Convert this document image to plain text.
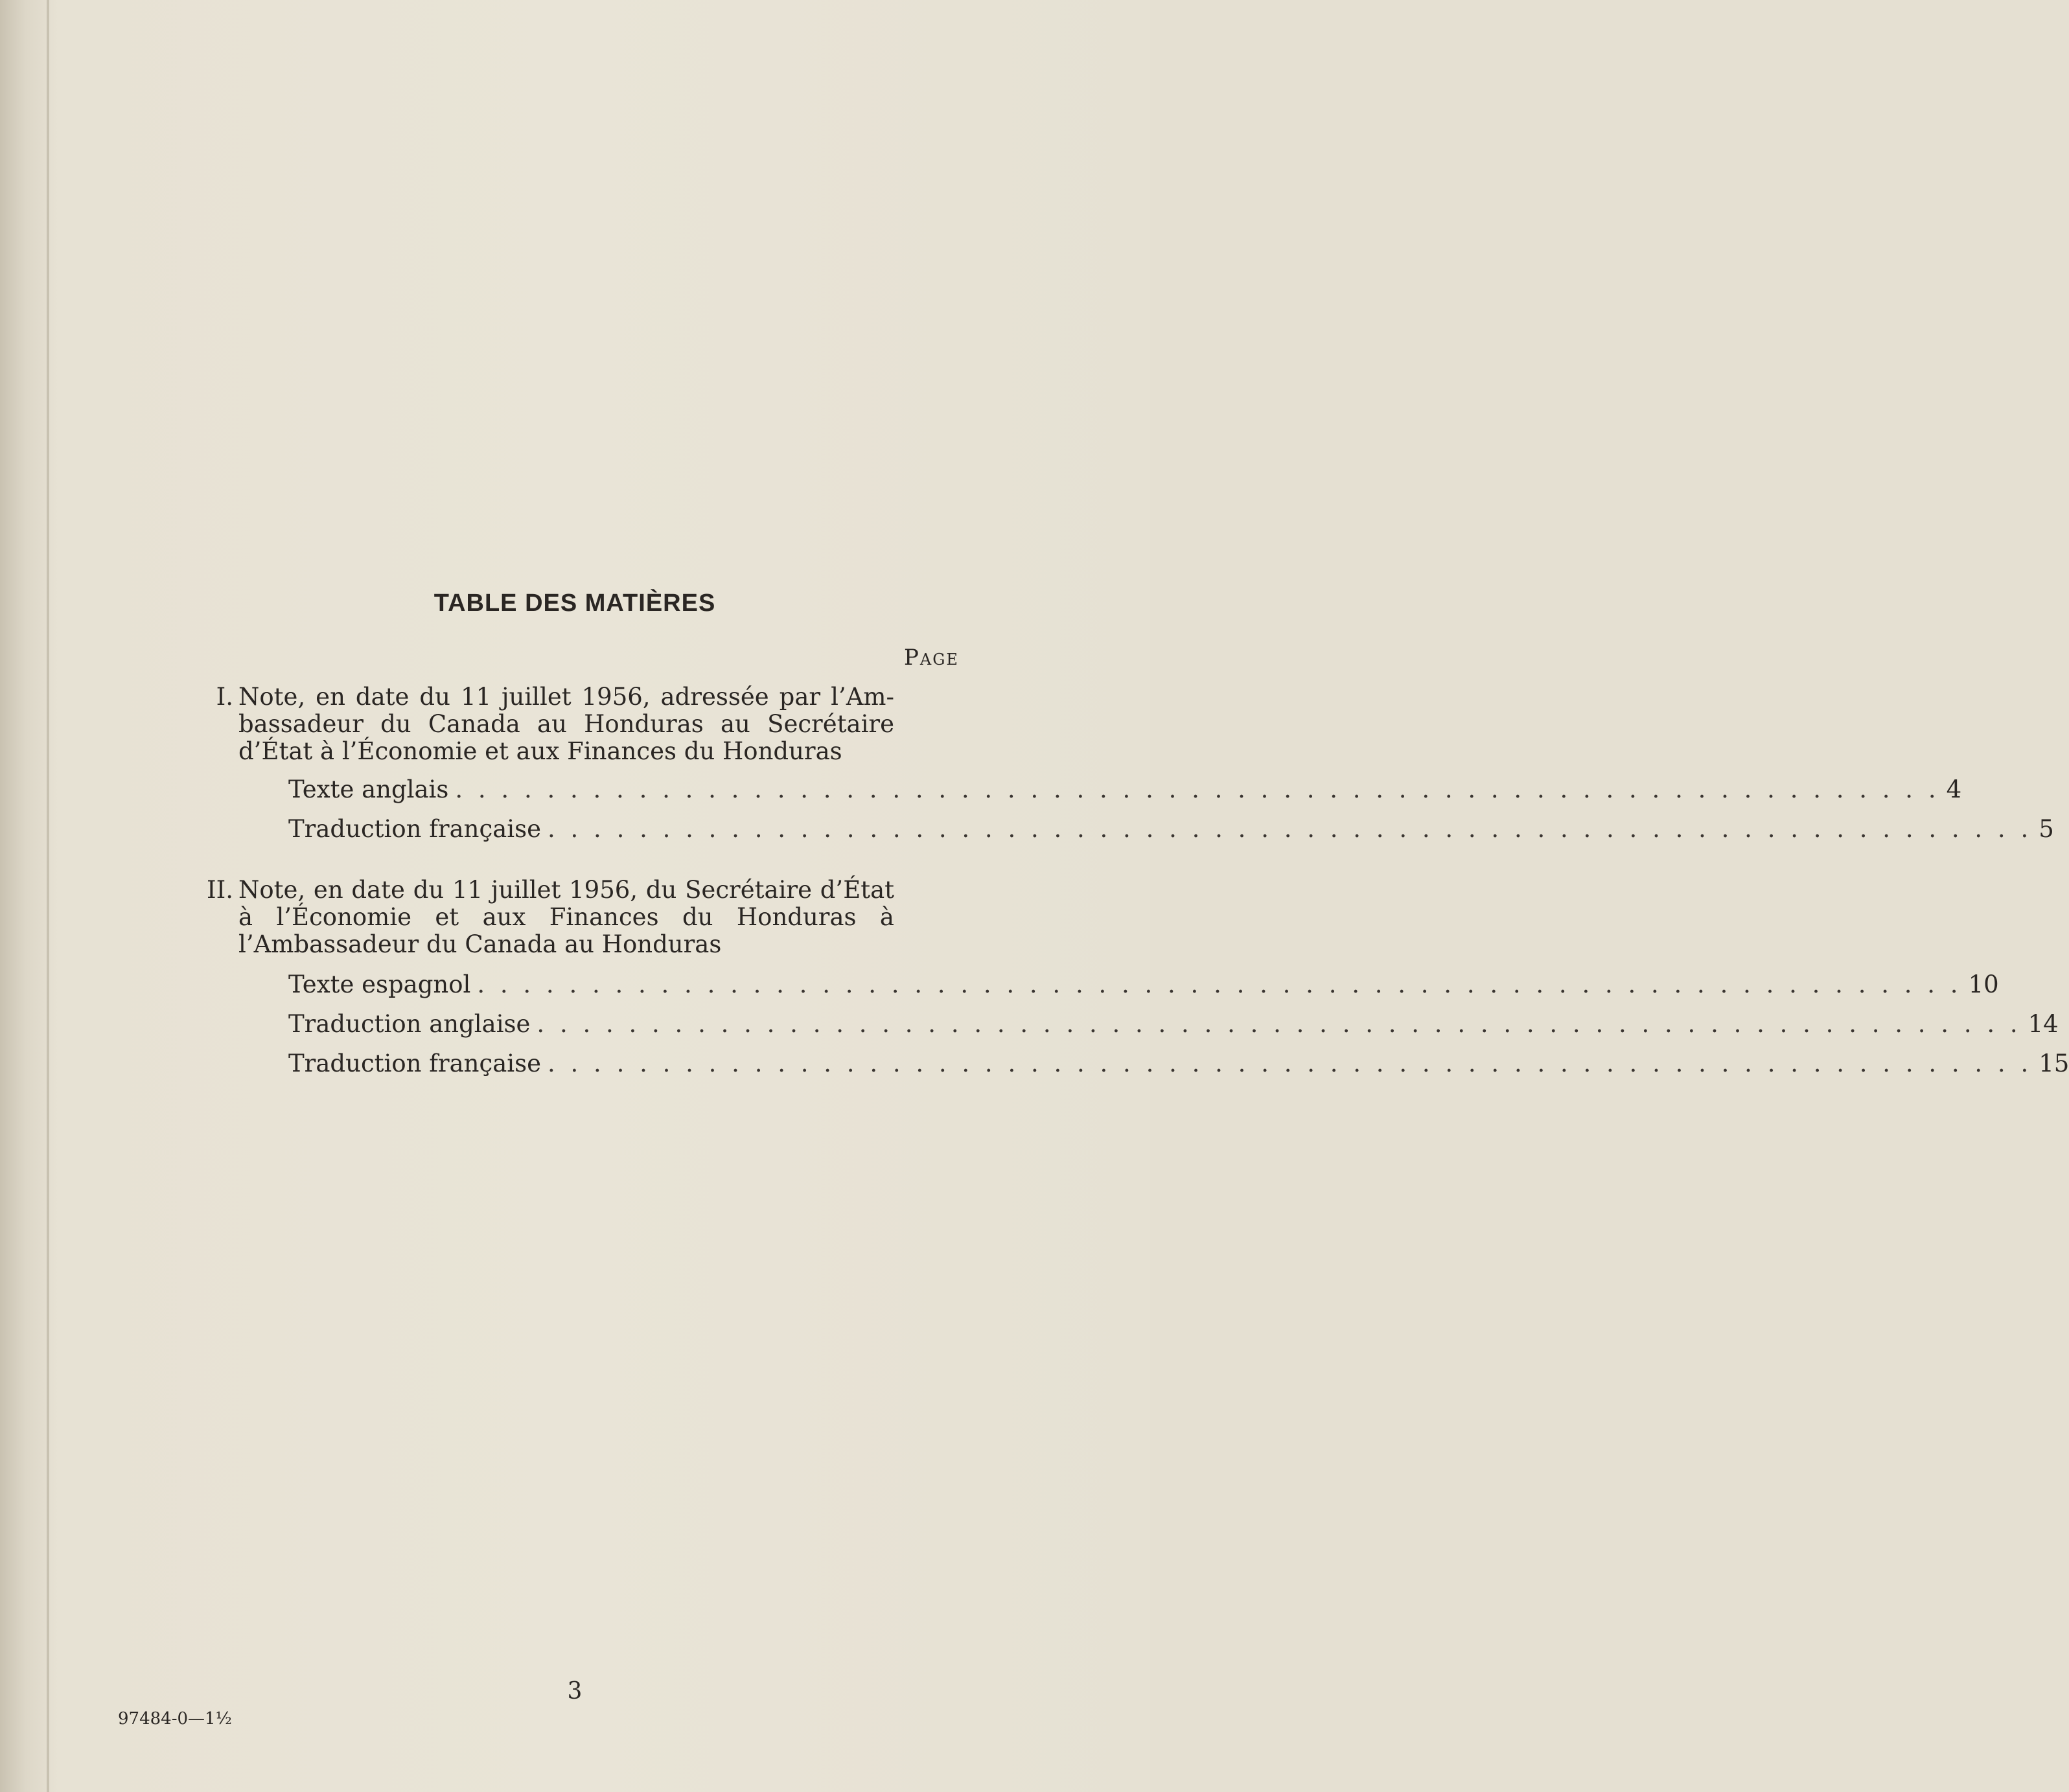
TABLE DES MATIÈRES
Page
I. Note, en date du 11 juillet 1956, adressée par l’Am-
bassadeur du Canada au Honduras au Secrétaire
d’État à l’Économie et aux Finances du Honduras
Texte anglais . . . . . . . . . . . . . . . . . . . . . . . . . . . . . . . . . . . . . . . . . . . . . . . . . . . . . . . . . . . . . . . . . 4
Traduction française . . . . . . . . . . . . . . . . . . . . . . . . . . . . . . . . . . . . . . . . . . . . . . . . . . . . . . . . . . . . . . . . . 5
II. Note, en date du 11 juillet 1956, du Secrétaire d’État
à l’Économie et aux Finances du Honduras à
l’Ambassadeur du Canada au Honduras
Texte espagnol . . . . . . . . . . . . . . . . . . . . . . . . . . . . . . . . . . . . . . . . . . . . . . . . . . . . . . . . . . . . . . . . . 10
Traduction anglaise . . . . . . . . . . . . . . . . . . . . . . . . . . . . . . . . . . . . . . . . . . . . . . . . . . . . . . . . . . . . . . . . . 14
Traduction française . . . . . . . . . . . . . . . . . . . . . . . . . . . . . . . . . . . . . . . . . . . . . . . . . . . . . . . . . . . . . . . . . 15
3
97484-0—1½
